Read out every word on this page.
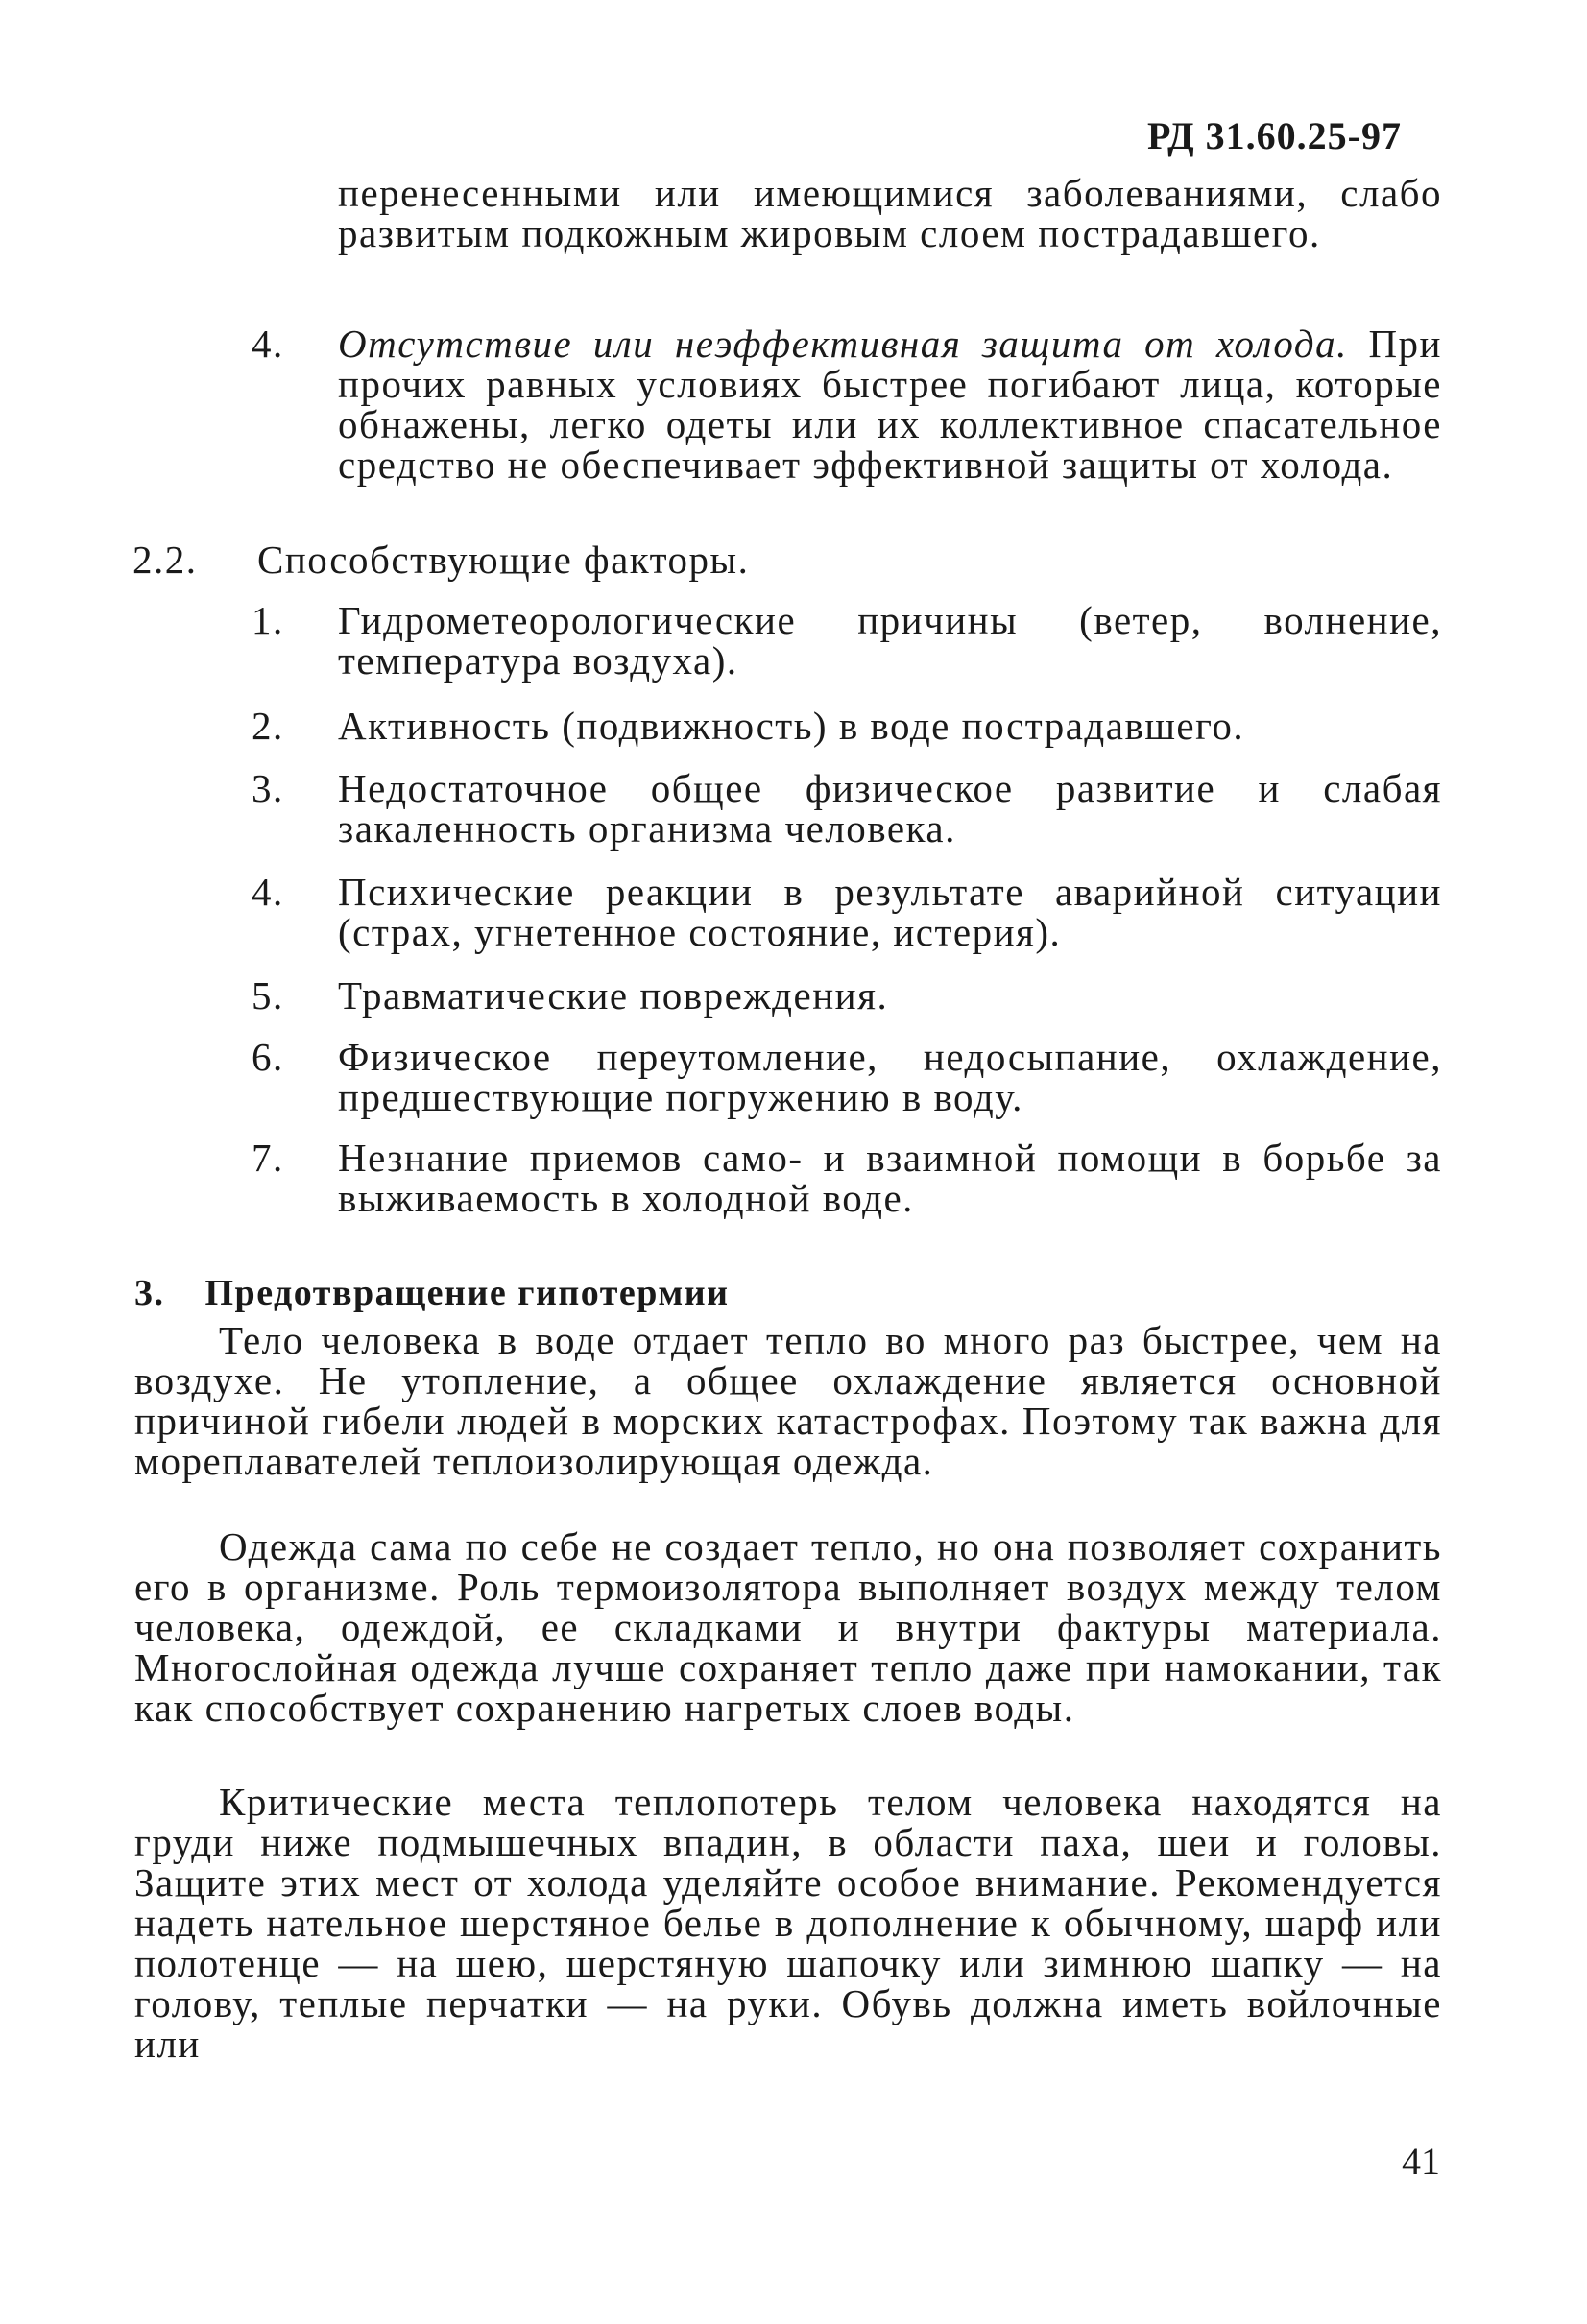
РД 31.60.25-97
перенесенными или имеющимися заболеваниями, слабо развитым подкожным жировым слоем пострадавшего.
4.	Отсутствие или неэффективная защита от холода. При прочих равных условиях быстрее погибают лица, которые обнажены, легко одеты или их коллективное спасательное средство не обеспечивает эффективной защиты от холода.
2.2. Способствующие факторы.
1.	Гидрометеорологические причины (ветер, волнение, температура воздуха).
2.	Активность (подвижность) в воде пострадавшего.
3.	Недостаточное общее физическое развитие и слабая закаленность организма человека.
4.	Психические реакции в результате аварийной ситуации (страх, угнетенное состояние, истерия).
5.	Травматические повреждения.
6.	Физическое переутомление, недосыпание, охлаждение, предшествующие погружению в воду.
7.	Незнание приемов само- и взаимной помощи в борьбе за выживаемость в холодной воде.
3. Предотвращение гипотермии
Тело человека в воде отдает тепло во много раз быстрее, чем на воздухе. Не утопление, а общее охлаждение является основной причиной гибели людей в морских катастрофах. Поэтому так важна для мореплавателей теплоизолирующая одежда.
Одежда сама по себе не создает тепло, но она позволяет сохранить его в организме. Роль термоизолятора выполняет воздух между телом человека, одеждой, ее складками и внутри фактуры материала. Многослойная одежда лучше сохраняет тепло даже при намокании, так как способствует сохранению нагретых слоев воды.
Критические места теплопотерь телом человека находятся на груди ниже подмышечных впадин, в области паха, шеи и головы. Защите этих мест от холода уделяйте особое внимание. Рекомендуется надеть нательное шерстяное белье в дополнение к обычному, шарф или полотенце — на шею, шерстяную шапочку или зимнюю шапку — на голову, теплые перчатки — на руки. Обувь должна иметь войлочные или
41
